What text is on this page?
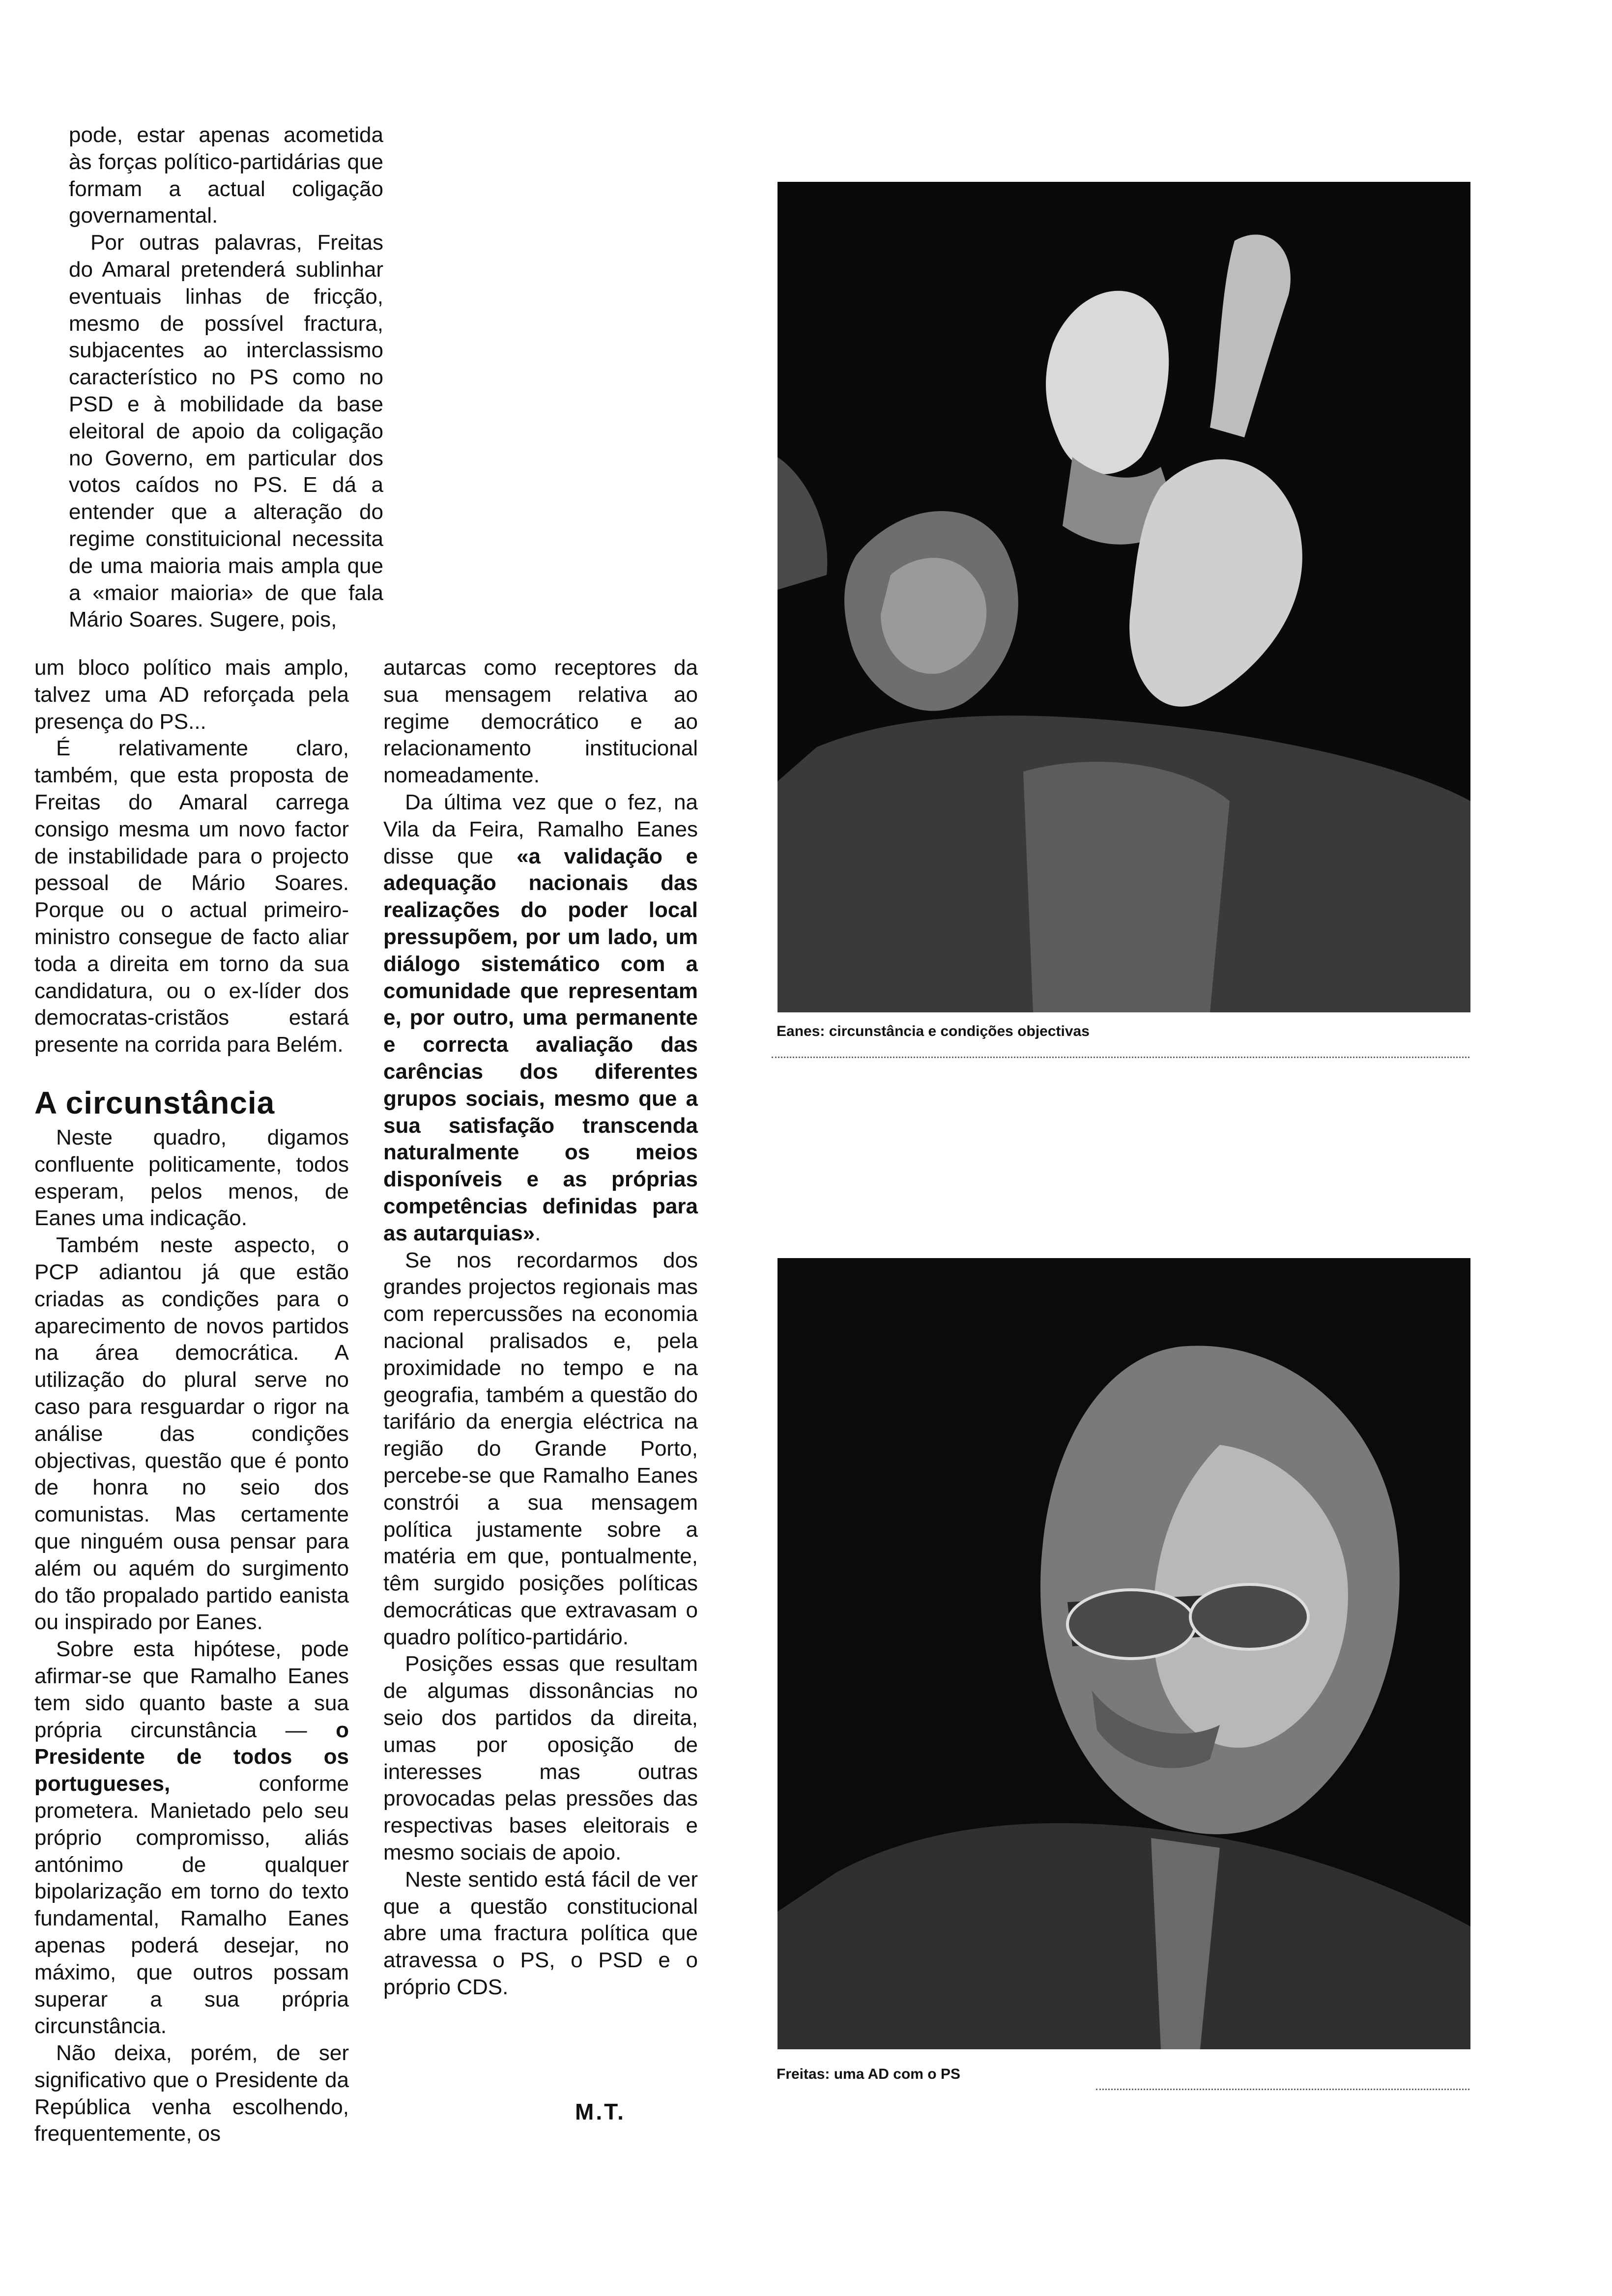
pode, estar apenas acometida às forças político-partidárias que formam a actual coligação governamental.

Por outras palavras, Freitas do Amaral pretenderá sublinhar eventuais linhas de fricção, mesmo de possível fractura, subjacentes ao interclassismo característico no PS como no PSD e à mobilidade da base eleitoral de apoio da coligação no Governo, em particular dos votos caídos no PS. E dá a entender que a alteração do regime constituicional necessita de uma maioria mais ampla que a «maior maioria» de que fala Mário Soares. Sugere, pois,

um bloco político mais amplo, talvez uma AD reforçada pela presença do PS...

É relativamente claro, também, que esta proposta de Freitas do Amaral carrega consigo mesma um novo factor de instabilidade para o projecto pessoal de Mário Soares. Porque ou o actual primeiro-ministro consegue de facto aliar toda a direita em torno da sua candidatura, ou o ex-líder dos democratas-cristãos estará presente na corrida para Belém.

A circunstância

Neste quadro, digamos confluente politicamente, todos esperam, pelos menos, de Eanes uma indicação.

Também neste aspecto, o PCP adiantou já que estão criadas as condições para o aparecimento de novos partidos na área democrática. A utilização do plural serve no caso para resguardar o rigor na análise das condições objectivas, questão que é ponto de honra no seio dos comunistas. Mas certamente que ninguém ousa pensar para além ou aquém do surgimento do tão propalado partido eanista ou inspirado por Eanes.

Sobre esta hipótese, pode afirmar-se que Ramalho Eanes tem sido quanto baste a sua própria circunstância — o Presidente de todos os portugueses, conforme prometera. Manietado pelo seu próprio compromisso, aliás antónimo de qualquer bipolarização em torno do texto fundamental, Ramalho Eanes apenas poderá desejar, no máximo, que outros possam superar a sua própria circunstância.

Não deixa, porém, de ser significativo que o Presidente da República venha escolhendo, frequentemente, os

autarcas como receptores da sua mensagem relativa ao regime democrático e ao relacionamento institucional nomeadamente.

Da última vez que o fez, na Vila da Feira, Ramalho Eanes disse que «a validação e adequação nacionais das realizações do poder local pressupõem, por um lado, um diálogo sistemático com a comunidade que representam e, por outro, uma permanente e correcta avaliação das carências dos diferentes grupos sociais, mesmo que a sua satisfação transcenda naturalmente os meios disponíveis e as próprias competências definidas para as autarquias».

Se nos recordarmos dos grandes projectos regionais mas com repercussões na economia nacional pralisados e, pela proximidade no tempo e na geografia, também a questão do tarifário da energia eléctrica na região do Grande Porto, percebe-se que Ramalho Eanes constrói a sua mensagem política justamente sobre a matéria em que, pontualmente, têm surgido posições políticas democráticas que extravasam o quadro político-partidário.

Posições essas que resultam de algumas dissonâncias no seio dos partidos da direita, umas por oposição de interesses mas outras provocadas pelas pressões das respectivas bases eleitorais e mesmo sociais de apoio.

Neste sentido está fácil de ver que a questão constitucional abre uma fractura política que atravessa o PS, o PSD e o próprio CDS.

M.T.
Eanes: circunstância e condições objectivas
Freitas: uma AD com o PS
